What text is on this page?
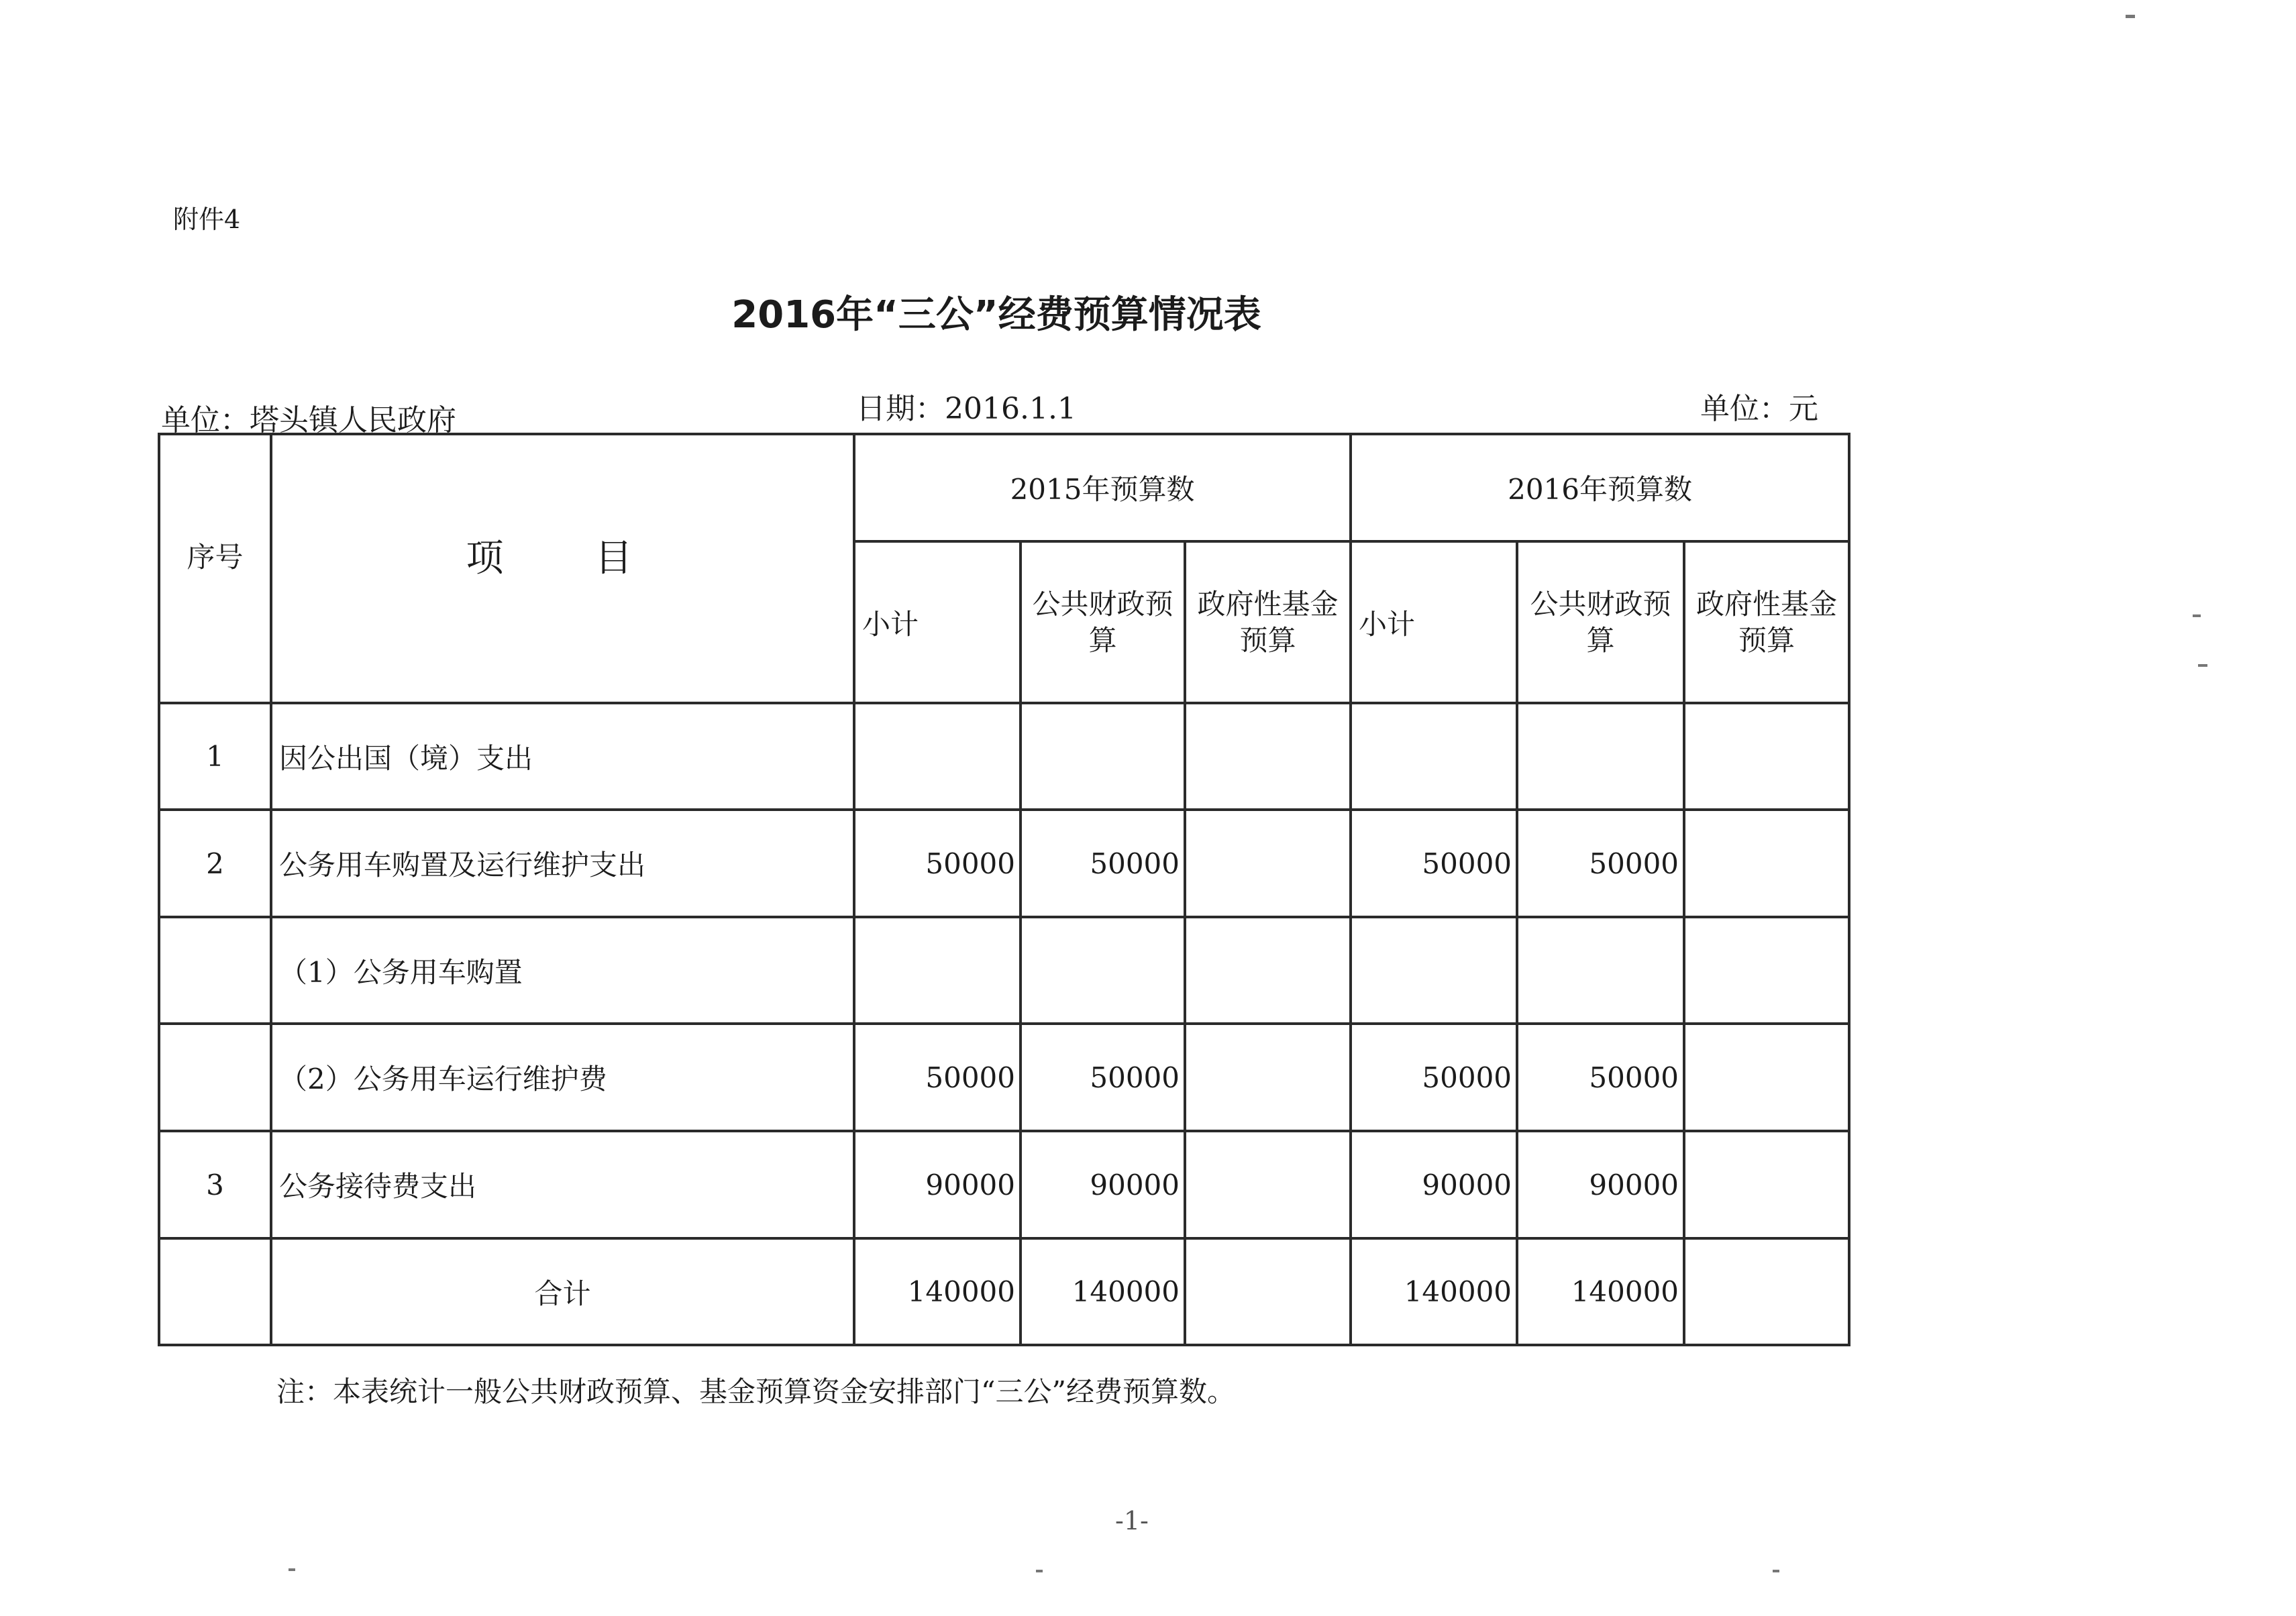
附件4
2016年“三公”经费预算情况表
单位：塔头镇人民政府	日期：2016.1.1	单位：元
序号	项　目	2015年预算数			2016年预算数		
		小计	公共财政预算	政府性基金预算	小计	公共财政预算	政府性基金预算
1	因公出国（境）支出						
2	公务用车购置及运行维护支出	50000	50000		50000	50000	
	（1）公务用车购置						
	（2）公务用车运行维护费	50000	50000		50000	50000	
3	公务接待费支出	90000	90000		90000	90000	
	合计	140000	140000		140000	140000	
注：本表统计一般公共财政预算、基金预算资金安排部门“三公”经费预算数。
-1-
